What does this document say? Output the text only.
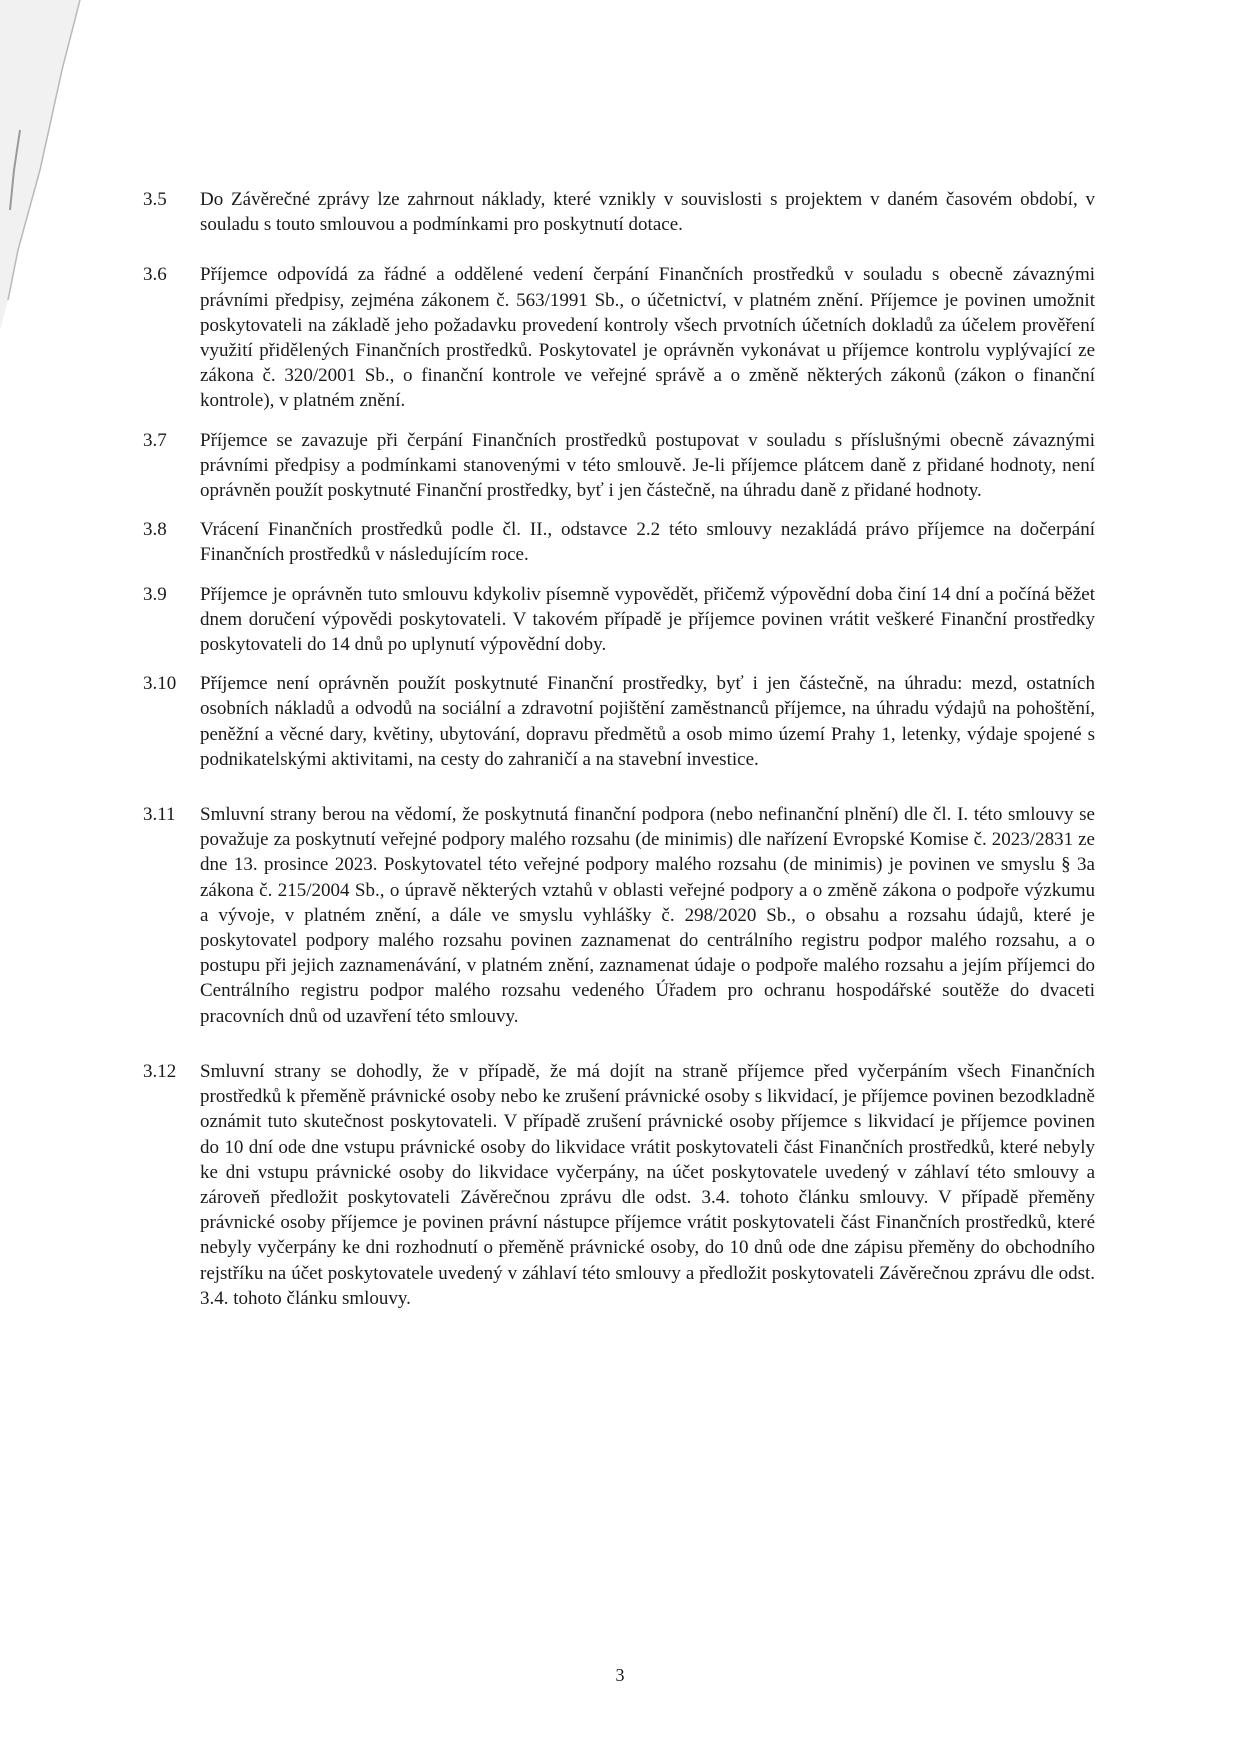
3.5	Do Závěrečné zprávy lze zahrnout náklady, které vznikly v souvislosti s projektem v daném časovém období, v souladu s touto smlouvou a podmínkami pro poskytnutí dotace.

3.6	Příjemce odpovídá za řádné a oddělené vedení čerpání Finančních prostředků v souladu s obecně závaznými právními předpisy, zejména zákonem č. 563/1991 Sb., o účetnictví, v platném znění. Příjemce je povinen umožnit poskytovateli na základě jeho požadavku provedení kontroly všech prvotních účetních dokladů za účelem prověření využití přidělených Finančních prostředků. Poskytovatel je oprávněn vykonávat u příjemce kontrolu vyplývající ze zákona č. 320/2001 Sb., o finanční kontrole ve veřejné správě a o změně některých zákonů (zákon o finanční kontrole), v platném znění.

3.7	Příjemce se zavazuje při čerpání Finančních prostředků postupovat v souladu s příslušnými obecně závaznými právními předpisy a podmínkami stanovenými v této smlouvě. Je-li příjemce plátcem daně z přidané hodnoty, není oprávněn použít poskytnuté Finanční prostředky, byť i jen částečně, na úhradu daně z přidané hodnoty.

3.8	Vrácení Finančních prostředků podle čl. II., odstavce 2.2 této smlouvy nezakládá právo příjemce na dočerpání Finančních prostředků v následujícím roce.

3.9	Příjemce je oprávněn tuto smlouvu kdykoliv písemně vypovědět, přičemž výpovědní doba činí 14 dní a počíná běžet dnem doručení výpovědi poskytovateli. V takovém případě je příjemce povinen vrátit veškeré Finanční prostředky poskytovateli do 14 dnů po uplynutí výpovědní doby.

3.10	Příjemce není oprávněn použít poskytnuté Finanční prostředky, byť i jen částečně, na úhradu: mezd, ostatních osobních nákladů a odvodů na sociální a zdravotní pojištění zaměstnanců příjemce, na úhradu výdajů na pohoštění, peněžní a věcné dary, květiny, ubytování, dopravu předmětů a osob mimo území Prahy 1, letenky, výdaje spojené s podnikatelskými aktivitami, na cesty do zahraničí a na stavební investice.

3.11	Smluvní strany berou na vědomí, že poskytnutá finanční podpora (nebo nefinanční plnění) dle čl. I. této smlouvy se považuje za poskytnutí veřejné podpory malého rozsahu (de minimis) dle nařízení Evropské Komise č. 2023/2831 ze dne 13. prosince 2023. Poskytovatel této veřejné podpory malého rozsahu (de minimis) je povinen ve smyslu § 3a zákona č. 215/2004 Sb., o úpravě některých vztahů v oblasti veřejné podpory a o změně zákona o podpoře výzkumu a vývoje, v platném znění, a dále ve smyslu vyhlášky č. 298/2020 Sb., o obsahu a rozsahu údajů, které je poskytovatel podpory malého rozsahu povinen zaznamenat do centrálního registru podpor malého rozsahu, a o postupu při jejich zaznamenávání, v platném znění, zaznamenat údaje o podpoře malého rozsahu a jejím příjemci do Centrálního registru podpor malého rozsahu vedeného Úřadem pro ochranu hospodářské soutěže do dvaceti pracovních dnů od uzavření této smlouvy.

3.12	Smluvní strany se dohodly, že v případě, že má dojít na straně příjemce před vyčerpáním všech Finančních prostředků k přeměně právnické osoby nebo ke zrušení právnické osoby s likvidací, je příjemce povinen bezodkladně oznámit tuto skutečnost poskytovateli. V případě zrušení právnické osoby příjemce s likvidací je příjemce povinen do 10 dní ode dne vstupu právnické osoby do likvidace vrátit poskytovateli část Finančních prostředků, které nebyly ke dni vstupu právnické osoby do likvidace vyčerpány, na účet poskytovatele uvedený v záhlaví této smlouvy a zároveň předložit poskytovateli Závěrečnou zprávu dle odst. 3.4. tohoto článku smlouvy. V případě přeměny právnické osoby příjemce je povinen právní nástupce příjemce vrátit poskytovateli část Finančních prostředků, které nebyly vyčerpány ke dni rozhodnutí o přeměně právnické osoby, do 10 dnů ode dne zápisu přeměny do obchodního rejstříku na účet poskytovatele uvedený v záhlaví této smlouvy a předložit poskytovateli Závěrečnou zprávu dle odst. 3.4. tohoto článku smlouvy.

3
